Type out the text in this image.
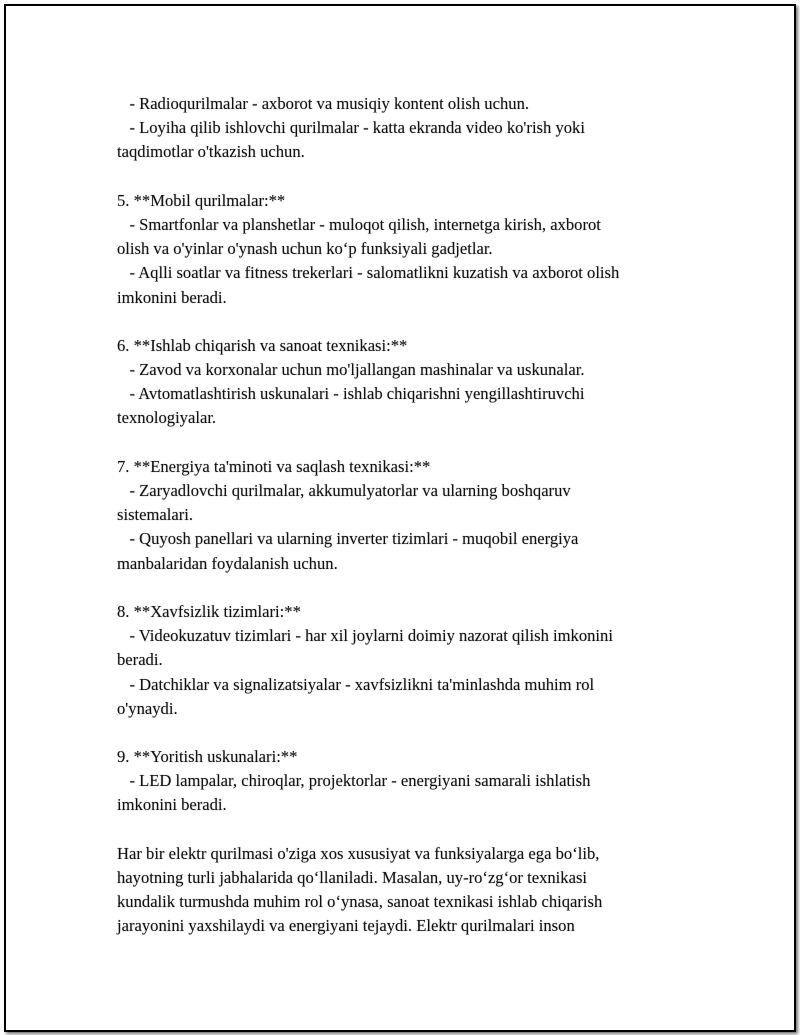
- Radioqurilmalar - axborot va musiqiy kontent olish uchun.
- Loyiha qilib ishlovchi qurilmalar - katta ekranda video ko'rish yoki
taqdimotlar o'tkazish uchun.
5. **Mobil qurilmalar:**
- Smartfonlar va planshetlar - muloqot qilish, internetga kirish, axborot
olish va o'yinlar o'ynash uchun koʻp funksiyali gadjetlar.
- Aqlli soatlar va fitness trekerlari - salomatlikni kuzatish va axborot olish
imkonini beradi.
6. **Ishlab chiqarish va sanoat texnikasi:**
- Zavod va korxonalar uchun mo'ljallangan mashinalar va uskunalar.
- Avtomatlashtirish uskunalari - ishlab chiqarishni yengillashtiruvchi
texnologiyalar.
7. **Energiya ta'minoti va saqlash texnikasi:**
- Zaryadlovchi qurilmalar, akkumulyatorlar va ularning boshqaruv
sistemalari.
- Quyosh panellari va ularning inverter tizimlari - muqobil energiya
manbalaridan foydalanish uchun.
8. **Xavfsizlik tizimlari:**
- Videokuzatuv tizimlari - har xil joylarni doimiy nazorat qilish imkonini
beradi.
- Datchiklar va signalizatsiyalar - xavfsizlikni ta'minlashda muhim rol
o'ynaydi.
9. **Yoritish uskunalari:**
- LED lampalar, chiroqlar, projektorlar - energiyani samarali ishlatish
imkonini beradi.
Har bir elektr qurilmasi o'ziga xos xususiyat va funksiyalarga ega boʻlib,
hayotning turli jabhalarida qoʻllaniladi. Masalan, uy-roʻzgʻor texnikasi
kundalik turmushda muhim rol oʻynasa, sanoat texnikasi ishlab chiqarish
jarayonini yaxshilaydi va energiyani tejaydi. Elektr qurilmalari inson
